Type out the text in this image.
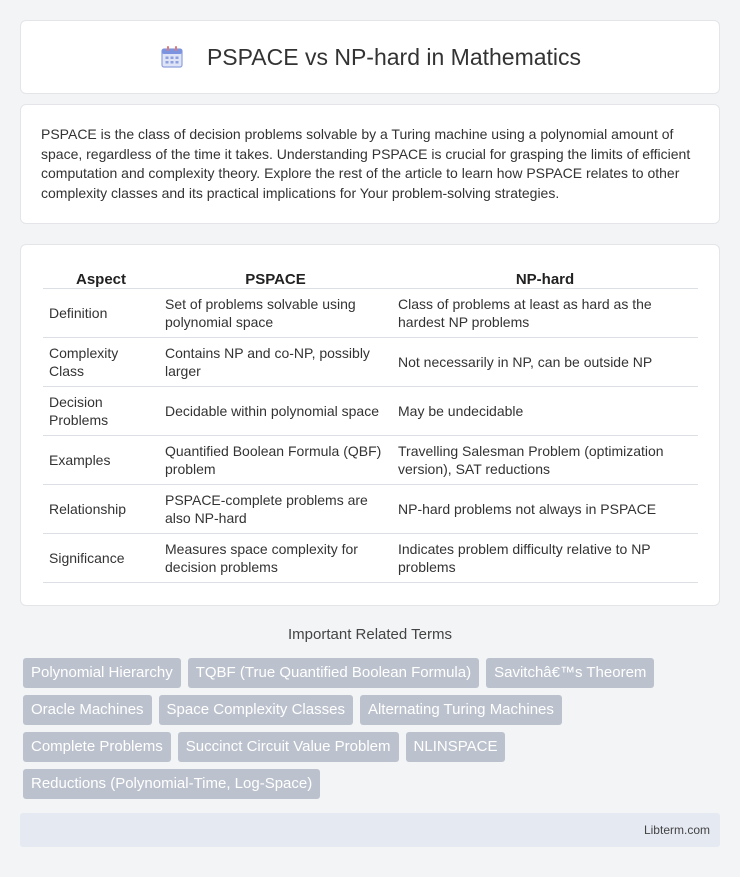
PSPACE vs NP-hard in Mathematics

PSPACE is the class of decision problems solvable by a Turing machine using a polynomial amount of space, regardless of the time it takes. Understanding PSPACE is crucial for grasping the limits of efficient computation and complexity theory. Explore the rest of the article to learn how PSPACE relates to other complexity classes and its practical implications for Your problem-solving strategies.

Aspect	PSPACE	NP-hard
Definition	Set of problems solvable using polynomial space	Class of problems at least as hard as the hardest NP problems
Complexity Class	Contains NP and co-NP, possibly larger	Not necessarily in NP, can be outside NP
Decision Problems	Decidable within polynomial space	May be undecidable
Examples	Quantified Boolean Formula (QBF) problem	Travelling Salesman Problem (optimization version), SAT reductions
Relationship	PSPACE-complete problems are also NP-hard	NP-hard problems not always in PSPACE
Significance	Measures space complexity for decision problems	Indicates problem difficulty relative to NP problems
Important Related Terms
Polynomial Hierarchy	TQBF (True Quantified Boolean Formula)	Savitchâ€™s Theorem
Oracle Machines	Space Complexity Classes	Alternating Turing Machines
Complete Problems	Succinct Circuit Value Problem	NLINSPACE
Reductions (Polynomial-Time, Log-Space)
Libterm.com
